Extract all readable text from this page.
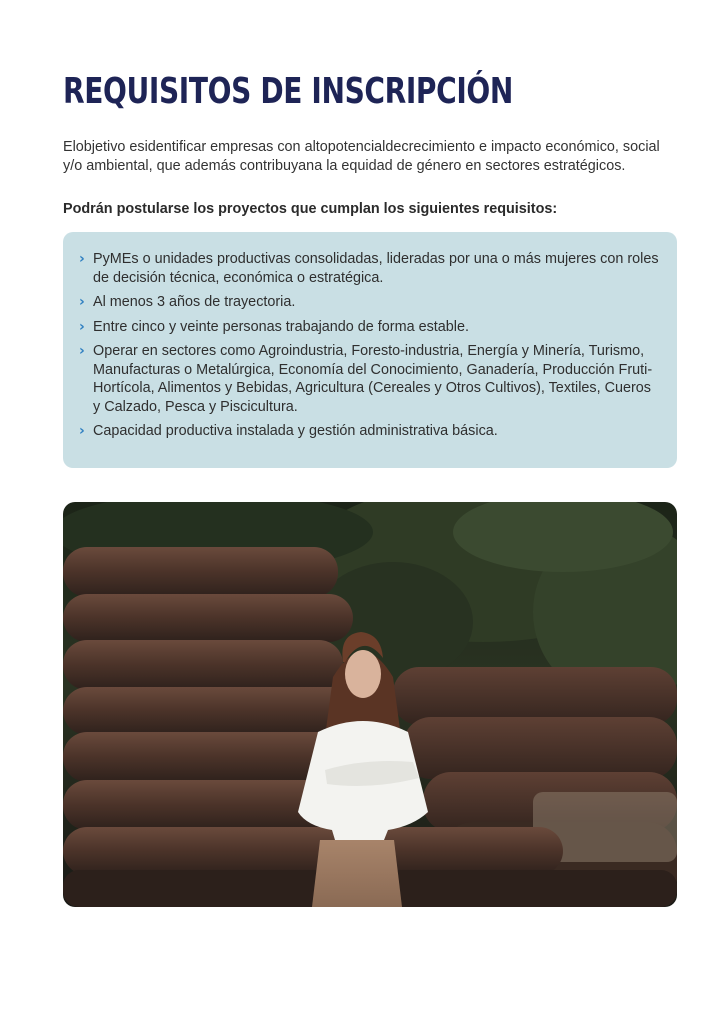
REQUISITOS DE INSCRIPCIÓN

Elobjetivo esidentificar empresas con altopotencialdecrecimiento e impacto económico, social y/o ambiental, que además contribuyana la equidad de género en sectores estratégicos.

Podrán postularse los proyectos que cumplan los siguientes requisitos:

› PyMEs o unidades productivas consolidadas, lideradas por una o más mujeres con roles de decisión técnica, económica o estratégica.
› Al menos 3 años de trayectoria.
› Entre cinco y veinte personas trabajando de forma estable.
› Operar en sectores como Agroindustria, Foresto-industria, Energía y Minería, Turismo, Manufacturas o Metalúrgica, Economía del Conocimiento, Ganadería, Producción Fruti-Hortícola, Alimentos y Bebidas, Agricultura (Cereales y Otros Cultivos), Textiles, Cueros y Calzado, Pesca y Piscicultura.
› Capacidad productiva instalada y gestión administrativa básica.
